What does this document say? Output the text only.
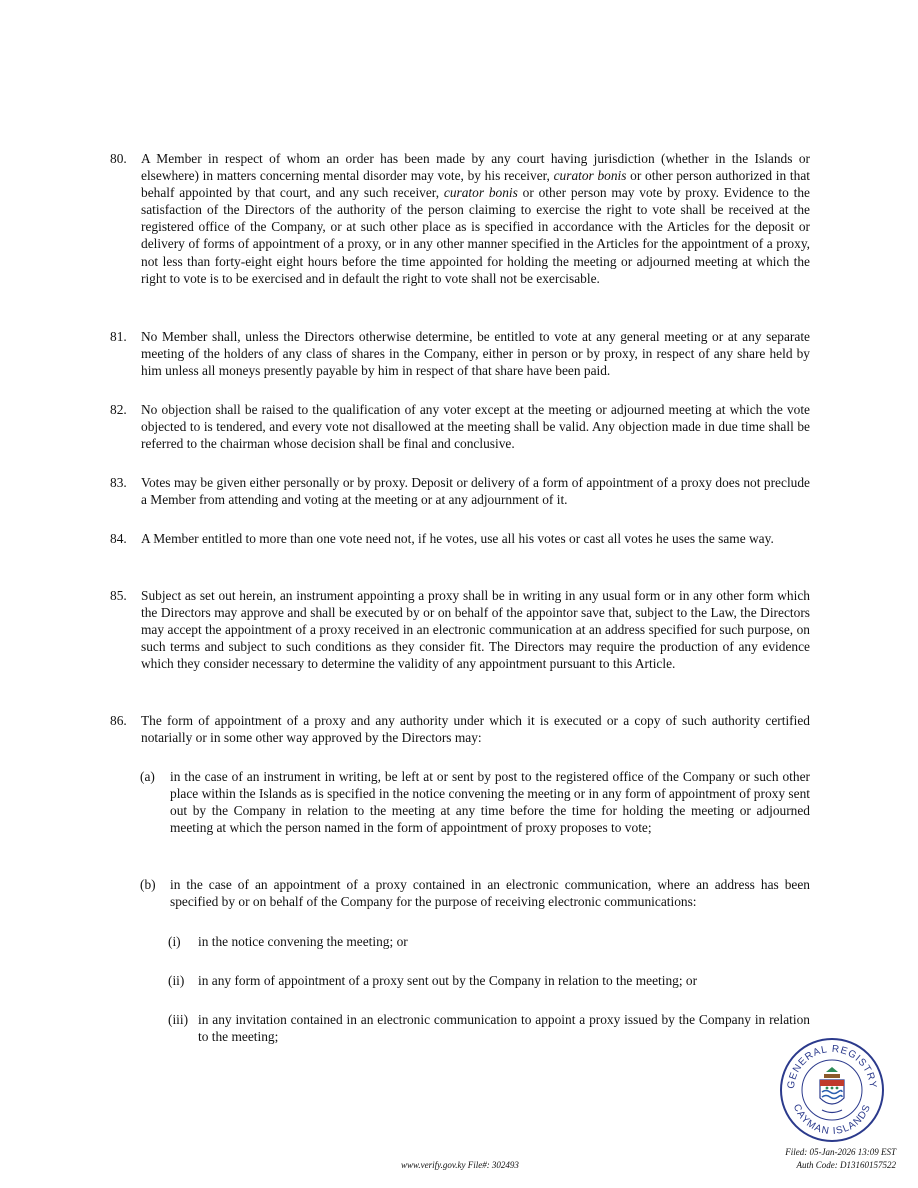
80.	A Member in respect of whom an order has been made by any court having jurisdiction (whether in the Islands or elsewhere) in matters concerning mental disorder may vote, by his receiver, curator bonis or other person authorized in that behalf appointed by that court, and any such receiver, curator bonis or other person may vote by proxy. Evidence to the satisfaction of the Directors of the authority of the person claiming to exercise the right to vote shall be received at the registered office of the Company, or at such other place as is specified in accordance with the Articles for the deposit or delivery of forms of appointment of a proxy, or in any other manner specified in the Articles for the appointment of a proxy, not less than forty-eight eight hours before the time appointed for holding the meeting or adjourned meeting at which the right to vote is to be exercised and in default the right to vote shall not be exercisable.
81.	No Member shall, unless the Directors otherwise determine, be entitled to vote at any general meeting or at any separate meeting of the holders of any class of shares in the Company, either in person or by proxy, in respect of any share held by him unless all moneys presently payable by him in respect of that share have been paid.
82.	No objection shall be raised to the qualification of any voter except at the meeting or adjourned meeting at which the vote objected to is tendered, and every vote not disallowed at the meeting shall be valid. Any objection made in due time shall be referred to the chairman whose decision shall be final and conclusive.
83.	Votes may be given either personally or by proxy. Deposit or delivery of a form of appointment of a proxy does not preclude a Member from attending and voting at the meeting or at any adjournment of it.
84.	A Member entitled to more than one vote need not, if he votes, use all his votes or cast all votes he uses the same way.
85.	Subject as set out herein, an instrument appointing a proxy shall be in writing in any usual form or in any other form which the Directors may approve and shall be executed by or on behalf of the appointor save that, subject to the Law, the Directors may accept the appointment of a proxy received in an electronic communication at an address specified for such purpose, on such terms and subject to such conditions as they consider fit. The Directors may require the production of any evidence which they consider necessary to determine the validity of any appointment pursuant to this Article.
86.	The form of appointment of a proxy and any authority under which it is executed or a copy of such authority certified notarially or in some other way approved by the Directors may:
(a)	in the case of an instrument in writing, be left at or sent by post to the registered office of the Company or such other place within the Islands as is specified in the notice convening the meeting or in any form of appointment of proxy sent out by the Company in relation to the meeting at any time before the time for holding the meeting or adjourned meeting at which the person named in the form of appointment of proxy proposes to vote;
(b)	in the case of an appointment of a proxy contained in an electronic communication, where an address has been specified by or on behalf of the Company for the purpose of receiving electronic communications:
(i)	in the notice convening the meeting; or
(ii)	in any form of appointment of a proxy sent out by the Company in relation to the meeting; or
(iii) in any invitation contained in an electronic communication to appoint a proxy issued by the Company in relation to the meeting;
GENERAL REGISTRY
CAYMAN ISLANDS
www.verify.gov.ky File#: 302493
Filed: 05-Jan-2026 13:09 EST
Auth Code: D13160157522
